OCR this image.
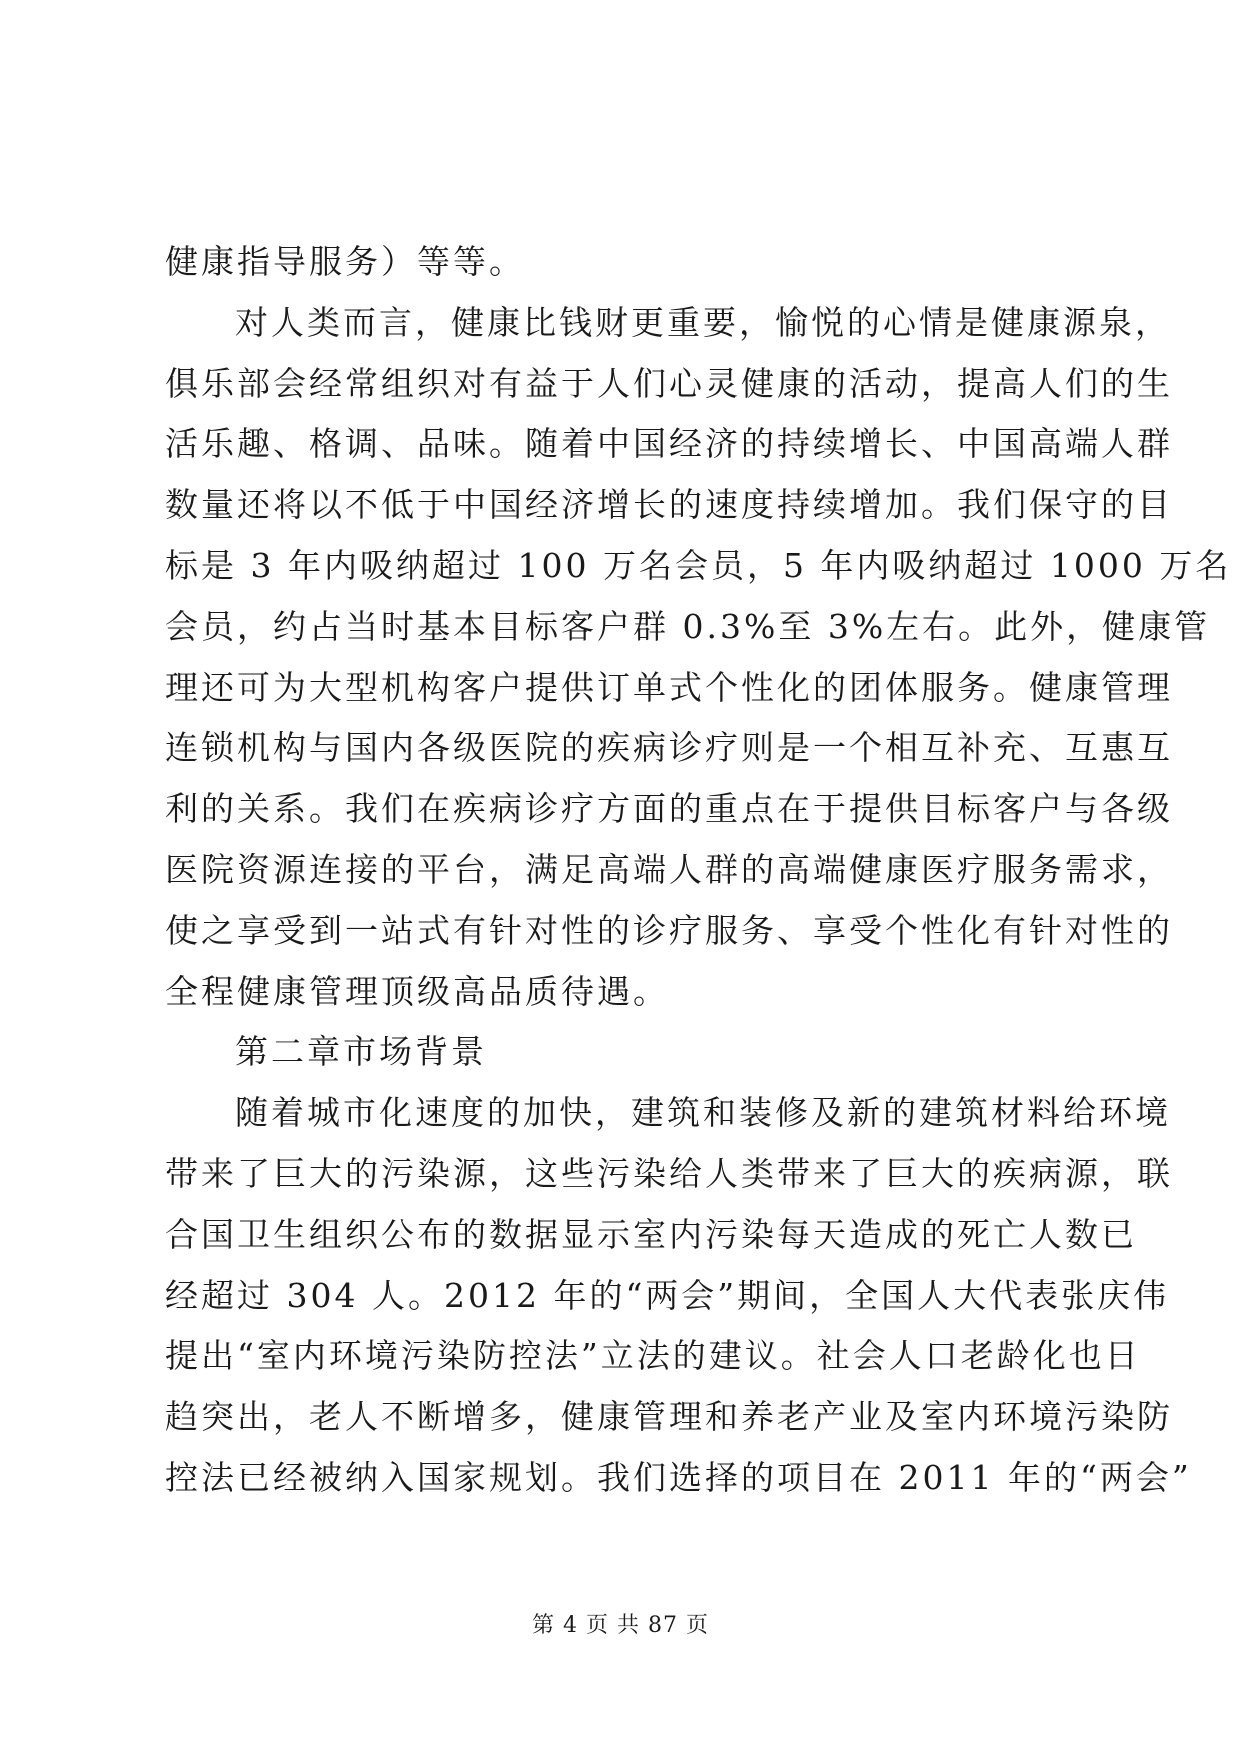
健康指导服务）等等。
对人类而言，健康比钱财更重要，愉悦的心情是健康源泉，
俱乐部会经常组织对有益于人们心灵健康的活动，提高人们的生
活乐趣、格调、品味。随着中国经济的持续增长、中国高端人群
数量还将以不低于中国经济增长的速度持续增加。我们保守的目
标是 3 年内吸纳超过 100 万名会员，5 年内吸纳超过 1000 万名
会员，约占当时基本目标客户群 0.3%至 3%左右。此外，健康管
理还可为大型机构客户提供订单式个性化的团体服务。健康管理
连锁机构与国内各级医院的疾病诊疗则是一个相互补充、互惠互
利的关系。我们在疾病诊疗方面的重点在于提供目标客户与各级
医院资源连接的平台，满足高端人群的高端健康医疗服务需求，
使之享受到一站式有针对性的诊疗服务、享受个性化有针对性的
全程健康管理顶级高品质待遇。
第二章市场背景
随着城市化速度的加快，建筑和装修及新的建筑材料给环境
带来了巨大的污染源，这些污染给人类带来了巨大的疾病源，联
合国卫生组织公布的数据显示室内污染每天造成的死亡人数已
经超过 304 人。2012 年的“两会”期间，全国人大代表张庆伟
提出“室内环境污染防控法”立法的建议。社会人口老龄化也日
趋突出，老人不断增多，健康管理和养老产业及室内环境污染防
控法已经被纳入国家规划。我们选择的项目在 2011 年的“两会”
第 4 页 共 87 页
